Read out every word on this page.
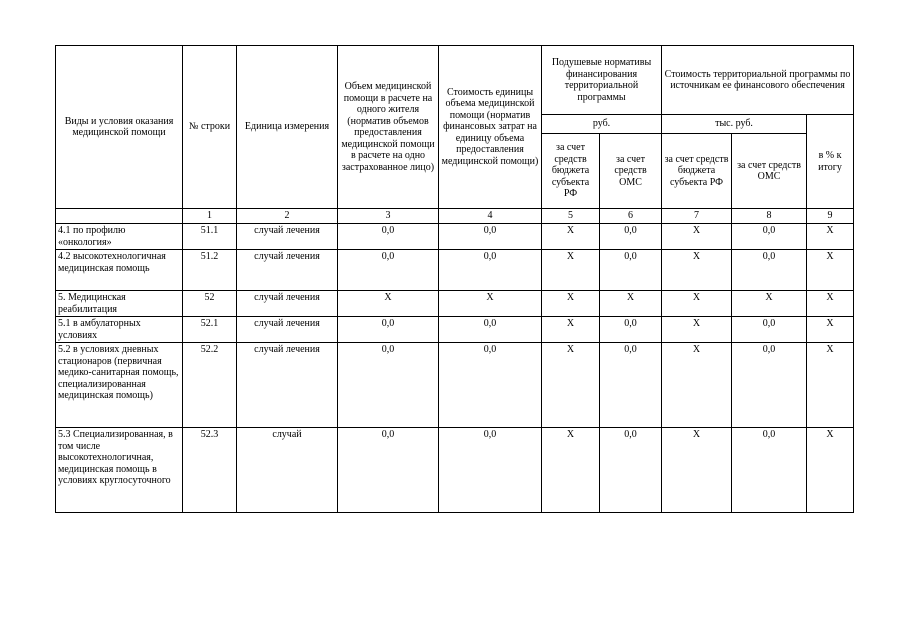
Виды и условия оказания медицинской помощи	№ строки	Единица измерения	Объем медицинской помощи в расчете на одного жителя (норматив объемов предоставления медицинской помощи в расчете на одно застрахованное лицо)	Стоимость единицы объема медицинской помощи (норматив финансовых затрат на единицу объема предоставления медицинской помощи)	Подушевые нормативы финансирования территориальной программы		Стоимость территориальной программы по источникам ее финансового обеспечения		
					руб.		тыс. руб.		в % к итогу
					за счет средств бюджета субъекта РФ	за счет средств ОМС	за счет средств бюджета субъекта РФ	за счет средств ОМС	
	1	2	3	4	5	6	7	8	9
4.1 по профилю «онкология»	51.1	случай лечения	0,0	0,0	X	0,0	X	0,0	X
4.2 высокотехнологичная медицинская помощь	51.2	случай лечения	0,0	0,0	X	0,0	X	0,0	X
5. Медицинская реабилитация	52	случай лечения	X	X	X	X	X	X	X
5.1 в амбулаторных условиях	52.1	случай лечения	0,0	0,0	X	0,0	X	0,0	X
5.2 в условиях дневных стационаров (первичная медико-санитарная помощь, специализированная медицинская помощь)	52.2	случай лечения	0,0	0,0	X	0,0	X	0,0	X
5.3 Специализированная, в том числе высокотехнологичная, медицинская помощь в условиях круглосуточного	52.3	случай	0,0	0,0	X	0,0	X	0,0	X
